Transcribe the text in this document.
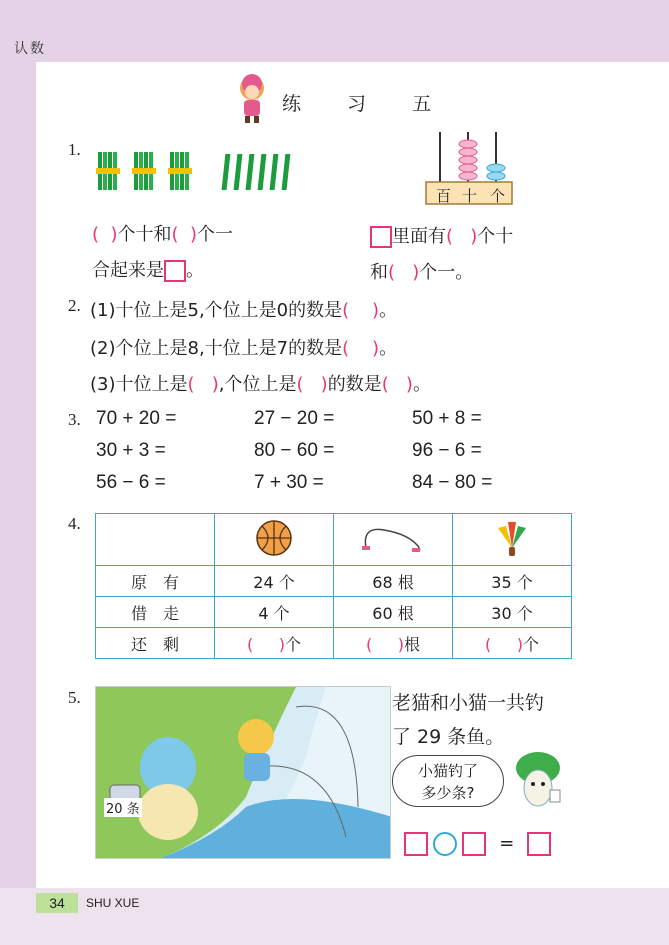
认数
34	SHU XUE
练 习 五
1.
百 十 个
( )个十和( )个一
合起来是 。
里面有( )个十
和( )个一。
2. (1)十位上是5,个位上是0的数是( )。
(2)个位上是8,十位上是7的数是( )。
(3)十位上是( ),个位上是( )的数是( )。
3. 70 + 20 =	27 − 20 =	50 + 8 =
30 + 3 =	80 − 60 =	96 − 6 =
56 − 6 =	7 + 30 =	84 − 80 =
4.

原　有	24 个	68 根	35 个
借　走	4 个	60 根	30 个
还　剩	( )个	( )根	( )个
5.
20 条
老猫和小猫一共钓
了 29 条鱼。
小猫钓了
多少条?
=
